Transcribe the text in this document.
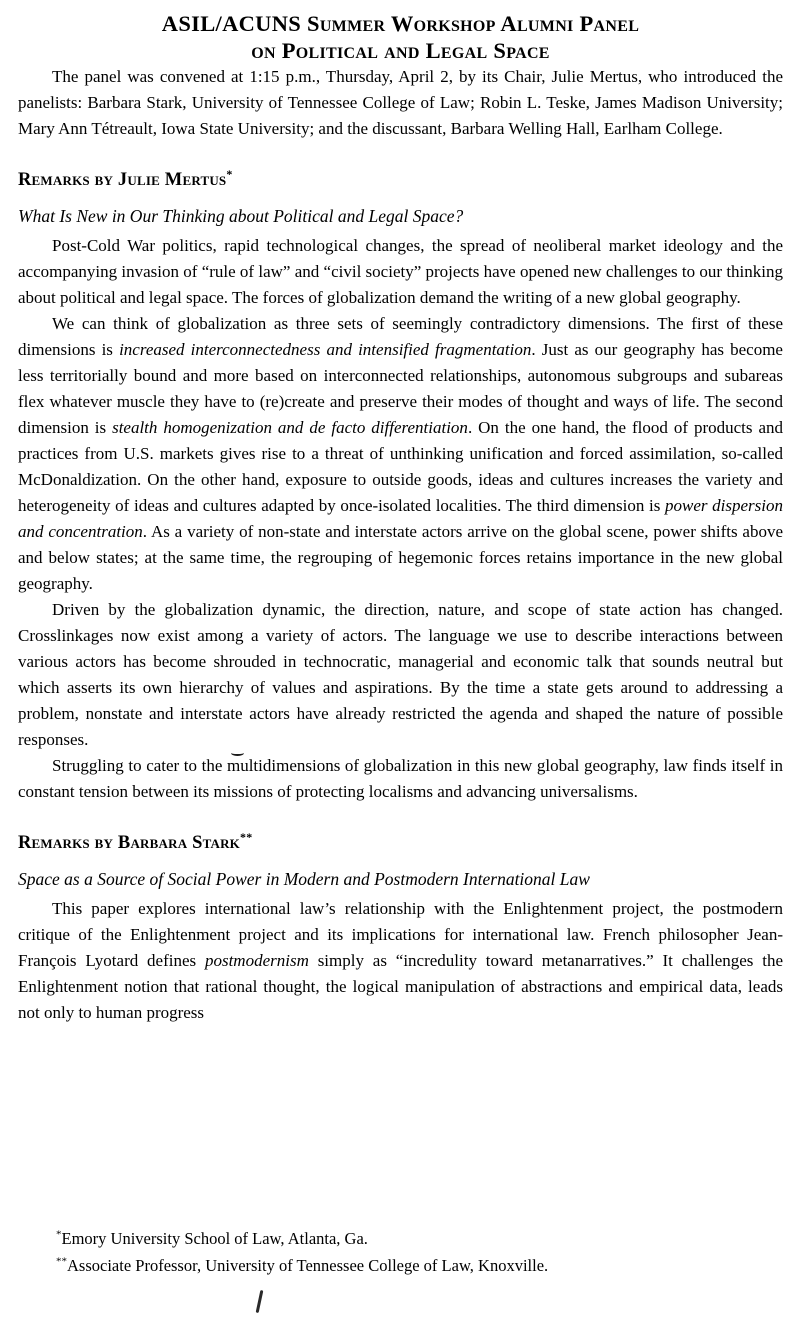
ASIL/ACUNS Summer Workshop Alumni Panel
on Political and Legal Space

The panel was convened at 1:15 p.m., Thursday, April 2, by its Chair, Julie Mertus, who introduced the panelists: Barbara Stark, University of Tennessee College of Law; Robin L. Teske, James Madison University; Mary Ann Tétreault, Iowa State University; and the discussant, Barbara Welling Hall, Earlham College.

Remarks by Julie Mertus*

What Is New in Our Thinking about Political and Legal Space?

Post-Cold War politics, rapid technological changes, the spread of neoliberal market ideology and the accompanying invasion of “rule of law” and “civil society” projects have opened new challenges to our thinking about political and legal space. The forces of globalization demand the writing of a new global geography.

We can think of globalization as three sets of seemingly contradictory dimensions. The first of these dimensions is increased interconnectedness and intensified fragmentation. Just as our geography has become less territorially bound and more based on interconnected relationships, autonomous subgroups and subareas flex whatever muscle they have to (re)create and preserve their modes of thought and ways of life. The second dimension is stealth homogenization and de facto differentiation. On the one hand, the flood of products and practices from U.S. markets gives rise to a threat of unthinking unification and forced assimilation, so-called McDonaldization. On the other hand, exposure to outside goods, ideas and cultures increases the variety and heterogeneity of ideas and cultures adapted by once-isolated localities. The third dimension is power dispersion and concentration. As a variety of non-state and interstate actors arrive on the global scene, power shifts above and below states; at the same time, the regrouping of hegemonic forces retains importance in the new global geography.

Driven by the globalization dynamic, the direction, nature, and scope of state action has changed. Crosslinkages now exist among a variety of actors. The language we use to describe interactions between various actors has become shrouded in technocratic, managerial and economic talk that sounds neutral but which asserts its own hierarchy of values and aspirations. By the time a state gets around to addressing a problem, nonstate and interstate actors have already restricted the agenda and shaped the nature of possible responses.

Struggling to cater to the multidimensions of globalization in this new global geography, law finds itself in constant tension between its missions of protecting localisms and advancing universalisms.

Remarks by Barbara Stark**

Space as a Source of Social Power in Modern and Postmodern International Law

This paper explores international law’s relationship with the Enlightenment project, the postmodern critique of the Enlightenment project and its implications for international law. French philosopher Jean-François Lyotard defines postmodernism simply as “incredulity toward metanarratives.” It challenges the Enlightenment notion that rational thought, the logical manipulation of abstractions and empirical data, leads not only to human progress

*Emory University School of Law, Atlanta, Ga.

**Associate Professor, University of Tennessee College of Law, Knoxville.
